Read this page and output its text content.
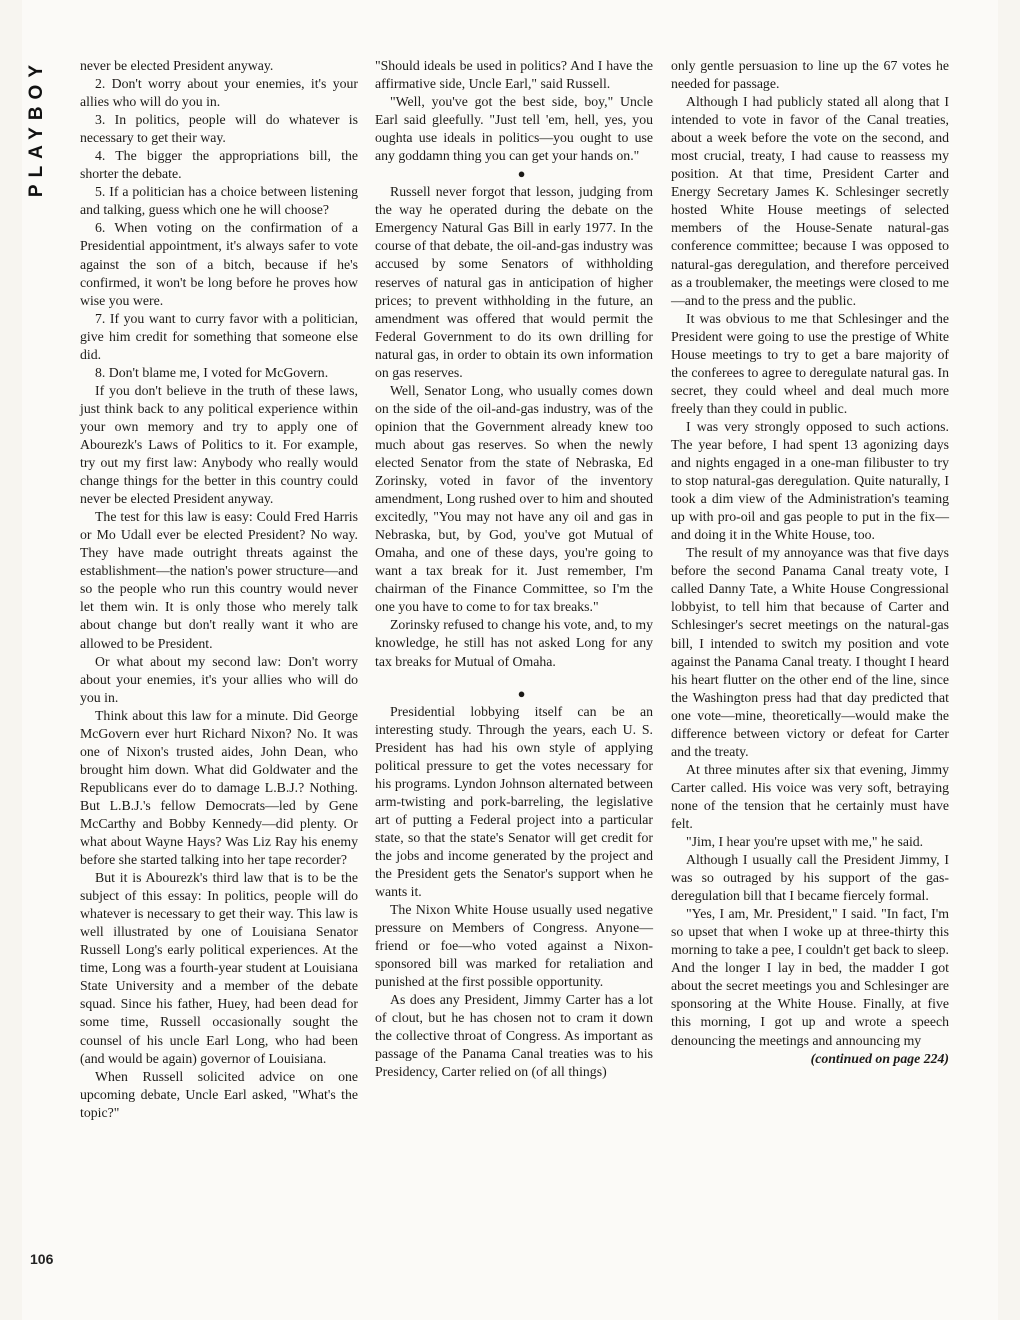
PLAYBOY	never be elected President anyway.

2. Don't worry about your enemies, it's your allies who will do you in.

3. In politics, people will do whatever is necessary to get their way.

4. The bigger the appropriations bill, the shorter the debate.

5. If a politician has a choice between listening and talking, guess which one he will choose?

6. When voting on the confirmation of a Presidential appointment, it's always safer to vote against the son of a bitch, because if he's confirmed, it won't be long before he proves how wise you were.

7. If you want to curry favor with a politician, give him credit for something that someone else did.

8. Don't blame me, I voted for McGovern.

If you don't believe in the truth of these laws, just think back to any political experience within your own memory and try to apply one of Abourezk's Laws of Politics to it. For example, try out my first law: Anybody who really would change things for the better in this country could never be elected President anyway.

The test for this law is easy: Could Fred Harris or Mo Udall ever be elected President? No way. They have made outright threats against the establishment—the nation's power structure—and so the people who run this country would never let them win. It is only those who merely talk about change but don't really want it who are allowed to be President.

Or what about my second law: Don't worry about your enemies, it's your allies who will do you in.

Think about this law for a minute. Did George McGovern ever hurt Richard Nixon? No. It was one of Nixon's trusted aides, John Dean, who brought him down. What did Goldwater and the Republicans ever do to damage L.B.J.? Nothing. But L.B.J.'s fellow Democrats—led by Gene McCarthy and Bobby Kennedy—did plenty. Or what about Wayne Hays? Was Liz Ray his enemy before she started talking into her tape recorder?

But it is Abourezk's third law that is to be the subject of this essay: In politics, people will do whatever is necessary to get their way. This law is well illustrated by one of Louisiana Senator Russell Long's early political experiences. At the time, Long was a fourth-year student at Louisiana State University and a member of the debate squad. Since his father, Huey, had been dead for some time, Russell occasionally sought the counsel of his uncle Earl Long, who had been (and would be again) governor of Louisiana.

When Russell solicited advice on one upcoming debate, Uncle Earl asked, "What's the topic?"

"Should ideals be used in politics? And I have the affirmative side, Uncle Earl," said Russell.

"Well, you've got the best side, boy," Uncle Earl said gleefully. "Just tell 'em, hell, yes, you oughta use ideals in politics—you ought to use any goddamn thing you can get your hands on."

●

Russell never forgot that lesson, judging from the way he operated during the debate on the Emergency Natural Gas Bill in early 1977. In the course of that debate, the oil-and-gas industry was accused by some Senators of withholding reserves of natural gas in anticipation of higher prices; to prevent withholding in the future, an amendment was offered that would permit the Federal Government to do its own drilling for natural gas, in order to obtain its own information on gas reserves.

Well, Senator Long, who usually comes down on the side of the oil-and-gas industry, was of the opinion that the Government already knew too much about gas reserves. So when the newly elected Senator from the state of Nebraska, Ed Zorinsky, voted in favor of the inventory amendment, Long rushed over to him and shouted excitedly, "You may not have any oil and gas in Nebraska, but, by God, you've got Mutual of Omaha, and one of these days, you're going to want a tax break for it. Just remember, I'm chairman of the Finance Committee, so I'm the one you have to come to for tax breaks."

Zorinsky refused to change his vote, and, to my knowledge, he still has not asked Long for any tax breaks for Mutual of Omaha.

●

Presidential lobbying itself can be an interesting study. Through the years, each U. S. President has had his own style of applying political pressure to get the votes necessary for his programs. Lyndon Johnson alternated between arm-twisting and pork-barreling, the legislative art of putting a Federal project into a particular state, so that the state's Senator will get credit for the jobs and income generated by the project and the President gets the Senator's support when he wants it.

The Nixon White House usually used negative pressure on Members of Congress. Anyone—friend or foe—who voted against a Nixon-sponsored bill was marked for retaliation and punished at the first possible opportunity.

As does any President, Jimmy Carter has a lot of clout, but he has chosen not to cram it down the collective throat of Congress. As important as passage of the Panama Canal treaties was to his Presidency, Carter relied on (of all things)

only gentle persuasion to line up the 67 votes he needed for passage.

Although I had publicly stated all along that I intended to vote in favor of the Canal treaties, about a week before the vote on the second, and most crucial, treaty, I had cause to reassess my position. At that time, President Carter and Energy Secretary James K. Schlesinger secretly hosted White House meetings of selected members of the House-Senate natural-gas conference committee; because I was opposed to natural-gas deregulation, and therefore perceived as a troublemaker, the meetings were closed to me—and to the press and the public.

It was obvious to me that Schlesinger and the President were going to use the prestige of White House meetings to try to get a bare majority of the conferees to agree to deregulate natural gas. In secret, they could wheel and deal much more freely than they could in public.

I was very strongly opposed to such actions. The year before, I had spent 13 agonizing days and nights engaged in a one-man filibuster to try to stop natural-gas deregulation. Quite naturally, I took a dim view of the Administration's teaming up with pro-oil and gas people to put in the fix—and doing it in the White House, too.

The result of my annoyance was that five days before the second Panama Canal treaty vote, I called Danny Tate, a White House Congressional lobbyist, to tell him that because of Carter and Schlesinger's secret meetings on the natural-gas bill, I intended to switch my position and vote against the Panama Canal treaty. I thought I heard his heart flutter on the other end of the line, since the Washington press had that day predicted that one vote—mine, theoretically—would make the difference between victory or defeat for Carter and the treaty.

At three minutes after six that evening, Jimmy Carter called. His voice was very soft, betraying none of the tension that he certainly must have felt.

"Jim, I hear you're upset with me," he said.

Although I usually call the President Jimmy, I was so outraged by his support of the gas-deregulation bill that I became fiercely formal.

"Yes, I am, Mr. President," I said. "In fact, I'm so upset that when I woke up at three-thirty this morning to take a pee, I couldn't get back to sleep. And the longer I lay in bed, the madder I got about the secret meetings you and Schlesinger are sponsoring at the White House. Finally, at five this morning, I got up and wrote a speech denouncing the meetings and announcing my

(continued on page 224)

106
